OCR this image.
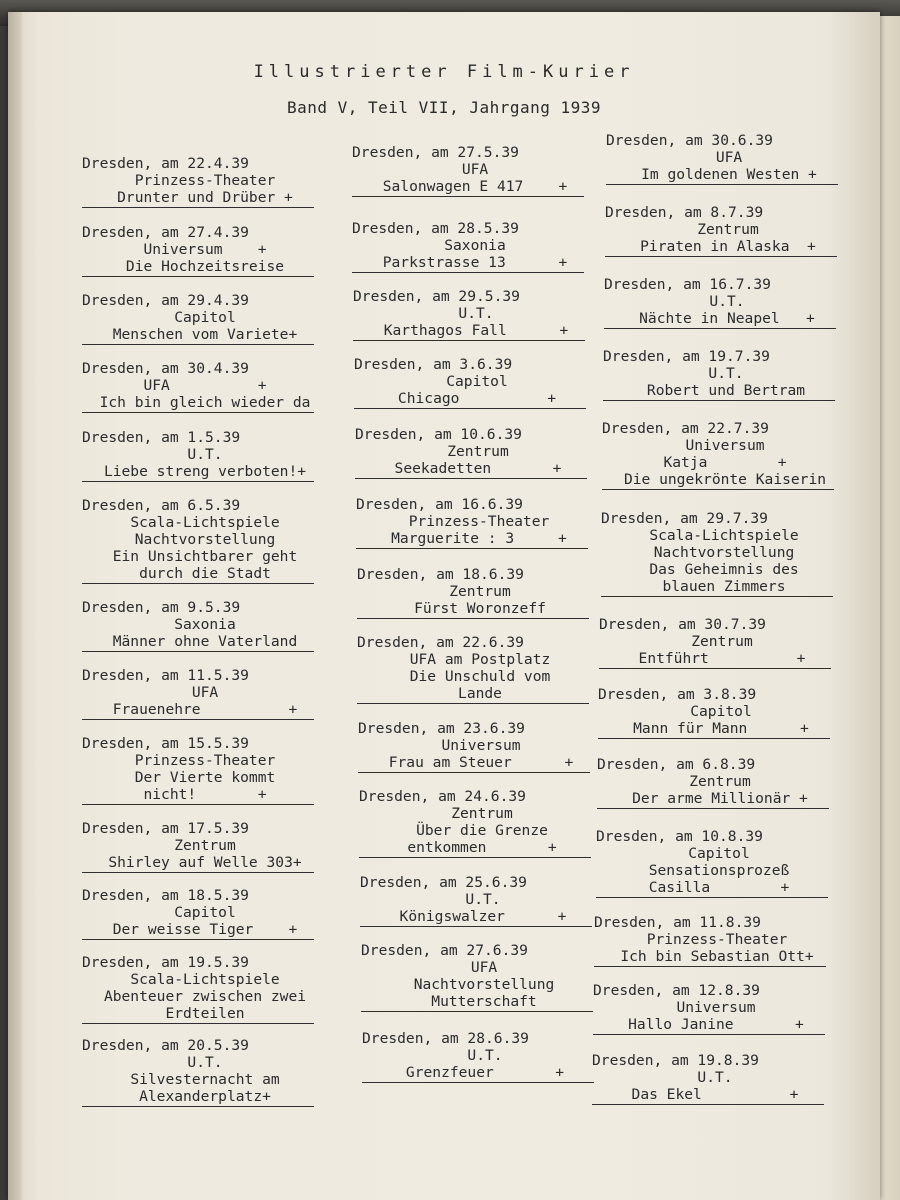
Illustrierter Film-Kurier
Band V, Teil VII, Jahrgang 1939
Dresden, am 22.4.39
Prinzess-Theater
Drunter und Drüber +
Dresden, am 27.4.39
Universum    +
Die Hochzeitsreise
Dresden, am 29.4.39
Capitol
Menschen vom Variete+
Dresden, am 30.4.39
UFA          +
Ich bin gleich wieder da
Dresden, am 1.5.39
U.T.
Liebe streng verboten!+
Dresden, am 6.5.39
Scala-Lichtspiele
Nachtvorstellung
Ein Unsichtbarer geht
durch die Stadt
Dresden, am 9.5.39
Saxonia
Männer ohne Vaterland
Dresden, am 11.5.39
UFA
Frauenehre          +
Dresden, am 15.5.39
Prinzess-Theater
Der Vierte kommt
nicht!       +
Dresden, am 17.5.39
Zentrum
Shirley auf Welle 303+
Dresden, am 18.5.39
Capitol
Der weisse Tiger    +
Dresden, am 19.5.39
Scala-Lichtspiele
Abenteuer zwischen zwei
Erdteilen
Dresden, am 20.5.39
U.T.
Silvesternacht am
Alexanderplatz+
Dresden, am 27.5.39
UFA
Salonwagen E 417    +
Dresden, am 28.5.39
Saxonia
Parkstrasse 13      +
Dresden, am 29.5.39
U.T.
Karthagos Fall      +
Dresden, am 3.6.39
Capitol
Chicago          +
Dresden, am 10.6.39
Zentrum
Seekadetten       +
Dresden, am 16.6.39
Prinzess-Theater
Marguerite : 3     +
Dresden, am 18.6.39
Zentrum
Fürst Woronzeff
Dresden, am 22.6.39
UFA am Postplatz
Die Unschuld vom
Lande
Dresden, am 23.6.39
Universum
Frau am Steuer      +
Dresden, am 24.6.39
Zentrum
Über die Grenze
entkommen       +
Dresden, am 25.6.39
U.T.
Königswalzer      +
Dresden, am 27.6.39
UFA
Nachtvorstellung
Mutterschaft
Dresden, am 28.6.39
U.T.
Grenzfeuer       +
Dresden, am 30.6.39
UFA
Im goldenen Westen +
Dresden, am 8.7.39
Zentrum
Piraten in Alaska  +
Dresden, am 16.7.39
U.T.
Nächte in Neapel   +
Dresden, am 19.7.39
U.T.
Robert und Bertram
Dresden, am 22.7.39
Universum
Katja        +
Die ungekrönte Kaiserin
Dresden, am 29.7.39
Scala-Lichtspiele
Nachtvorstellung
Das Geheimnis des
blauen Zimmers
Dresden, am 30.7.39
Zentrum
Entführt          +
Dresden, am 3.8.39
Capitol
Mann für Mann      +
Dresden, am 6.8.39
Zentrum
Der arme Millionär +
Dresden, am 10.8.39
Capitol
Sensationsprozeß
Casilla        +
Dresden, am 11.8.39
Prinzess-Theater
Ich bin Sebastian Ott+
Dresden, am 12.8.39
Universum
Hallo Janine       +
Dresden, am 19.8.39
U.T.
Das Ekel          +
